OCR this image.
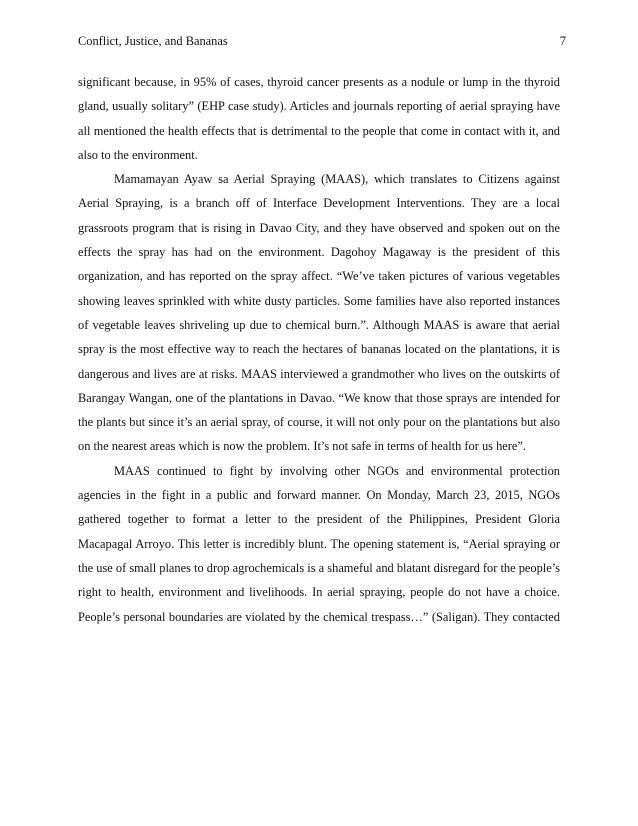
Conflict, Justice, and Bananas	7
significant because, in 95% of cases, thyroid cancer presents as a nodule or lump in the thyroid
gland, usually solitary” (EHP case study). Articles and journals reporting of aerial spraying have
all mentioned the health effects that is detrimental to the people that come in contact with it, and
also to the environment.
Mamamayan Ayaw sa Aerial Spraying (MAAS), which translates to Citizens against
Aerial Spraying, is a branch off of Interface Development Interventions. They are a local
grassroots program that is rising in Davao City, and they have observed and spoken out on the
effects the spray has had on the environment. Dagohoy Magaway is the president of this
organization, and has reported on the spray affect. “We’ve taken pictures of various vegetables
showing leaves sprinkled with white dusty particles. Some families have also reported instances
of vegetable leaves shriveling up due to chemical burn.”. Although MAAS is aware that aerial
spray is the most effective way to reach the hectares of bananas located on the plantations, it is
dangerous and lives are at risks. MAAS interviewed a grandmother who lives on the outskirts of
Barangay Wangan, one of the plantations in Davao. “We know that those sprays are intended for
the plants but since it’s an aerial spray, of course, it will not only pour on the plantations but also
on the nearest areas which is now the problem. It’s not safe in terms of health for us here”.
MAAS continued to fight by involving other NGOs and environmental protection
agencies in the fight in a public and forward manner. On Monday, March 23, 2015, NGOs
gathered together to format a letter to the president of the Philippines, President Gloria
Macapagal Arroyo. This letter is incredibly blunt. The opening statement is, “Aerial spraying or
the use of small planes to drop agrochemicals is a shameful and blatant disregard for the people’s
right to health, environment and livelihoods. In aerial spraying, people do not have a choice.
People’s personal boundaries are violated by the chemical trespass…” (Saligan). They contacted
